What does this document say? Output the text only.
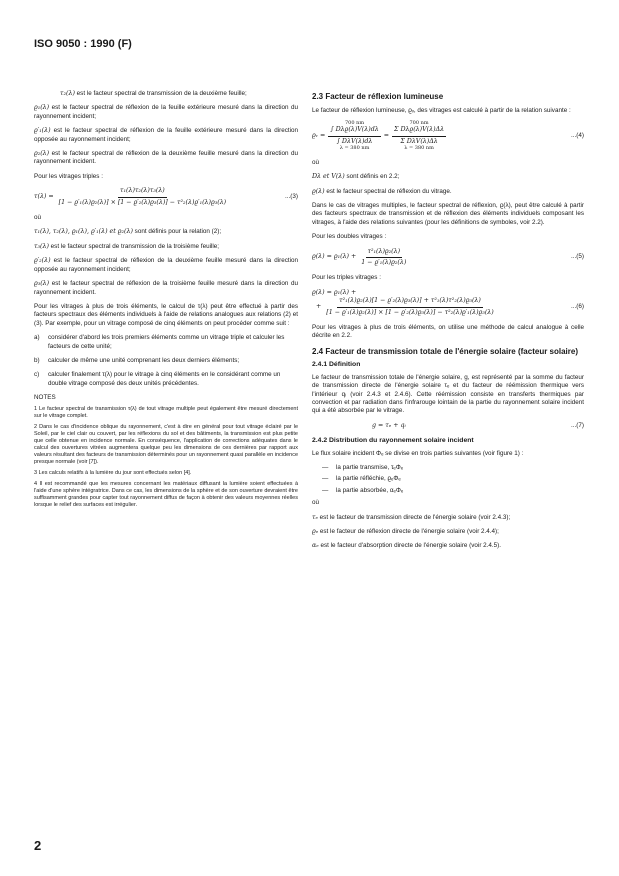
ISO 9050 : 1990 (F)
τ₂(λ) est le facteur spectral de transmission de la deuxième feuille;
ϱ₁(λ) est le facteur spectral de réflexion de la feuille extérieure mesuré dans la direction du rayonnement incident;
ϱ′₁(λ) est le facteur spectral de réflexion de la feuille extérieure mesuré dans la direction opposée au rayonnement incident;
ϱ₂(λ) est le facteur spectral de réflexion de la deuxième feuille mesuré dans la direction du rayonnement incident.

Pour les vitrages triples :

$\tau(\lambda) = \frac{\text{τ₁(λ)τ₂(λ)τ₃(λ)}}{\text{[1 − ϱ′₁(λ)ϱ₂(λ)] × [1 − ϱ′₂(λ)ϱ₃(λ)] − τ²₂(λ)ϱ′₁(λ)ϱ₃(λ)}}$	...(3)

où

τ₁(λ), τ₂(λ), ϱ₁(λ), ϱ′₁(λ) et ϱ₂(λ) sont définis pour la relation (2);
τ₃(λ) est le facteur spectral de transmission de la troisième feuille;
ϱ′₂(λ) est le facteur spectral de réflexion de la deuxième feuille mesuré dans la direction opposée au rayonnement incident;
ϱ₃(λ) est le facteur spectral de réflexion de la troisième feuille mesuré dans la direction du rayonnement incident.

Pour les vitrages à plus de trois éléments, le calcul de τ(λ) peut être effectué à partir des facteurs spectraux des éléments individuels à l'aide de relations analogues aux relations (2) et (3). Par exemple, pour un vitrage composé de cinq éléments on peut procéder comme suit :

a)	considérer d'abord les trois premiers éléments comme un vitrage triple et calculer les facteurs de cette unité;
b)	calculer de même une unité comprenant les deux derniers éléments;
c)	calculer finalement τ(λ) pour le vitrage à cinq éléments en le considérant comme un double vitrage composé des deux unités précédentes.
NOTES

1 Le facteur spectral de transmission τ(λ) de tout vitrage multiple peut également être mesuré directement sur le vitrage complet.

2 Dans le cas d'incidence oblique du rayonnement, c'est à dire en général pour tout vitrage éclairé par le Soleil, par le ciel clair ou couvert, par les réflexions du sol et des bâtiments, la transmission est plus petite que celle obtenue en incidence normale. En conséquence, l'application de corrections adéquates dans le calcul des ouvertures vitrées augmentera quelque peu les dimensions de ces dernières par rapport aux valeurs résultant des facteurs de transmission déterminés pour un rayonnement quasi parallèle en incidence presque normale (voir [7]).

3 Les calculs relatifs à la lumière du jour sont effectués selon [4].

4 Il est recommandé que les mesures concernant les matériaux diffusant la lumière soient effectuées à l'aide d'une sphère intégratrice. Dans ce cas, les dimensions de la sphère et de son ouverture devraient être suffisamment grandes pour capter tout rayonnement diffus de façon à obtenir des valeurs moyennes réelles lorsque le relief des surfaces est irrégulier.

2.3 Facteur de réflexion lumineuse

Le facteur de réflexion lumineuse, ϱᵥ, des vitrages est calculé à partir de la relation suivante :

ϱᵥ =
700 nm
∫ Dλϱ(λ)V(λ)dλ
∫ DλV(λ)dλ
λ = 380 nm
=
700 nm
Σ Dλϱ(λ)V(λ)Δλ
Σ DλV(λ)Δλ
λ = 380 nm
...(4)

où

Dλ et V(λ) sont définis en 2.2;
ϱ(λ) est le facteur spectral de réflexion du vitrage.

Dans le cas de vitrages multiples, le facteur spectral de réflexion, ϱ(λ), peut être calculé à partir des facteurs spectraux de transmission et de réflexion des éléments individuels composant les vitrages, à l'aide des relations suivantes (pour les définitions de symboles, voir 2.2).

Pour les doubles vitrages :

$ϱ(\lambda) = ϱ_1(\lambda) + \frac{\text{τ²₁(λ)ϱ₂(λ)}}{\text{1 − ϱ′₁(λ)ϱ₂(λ)}}$	...(5)

Pour les triples vitrages :

ϱ(λ) = ϱ₁(λ) +
+ $\frac{\text{τ²₁(λ)ϱ₂(λ)[1 − ϱ′₂(λ)ϱ₃(λ)] + τ²₁(λ)τ²₂(λ)ϱ₃(λ)}}{\text{[1 − ϱ′₁(λ)ϱ₂(λ)] × [1 − ϱ′₂(λ)ϱ₃(λ)] − τ²₂(λ)ϱ′₁(λ)ϱ₃(λ)}}$	...(6)

Pour les vitrages à plus de trois éléments, on utilise une méthode de calcul analogue à celle décrite en 2.2.

2.4 Facteur de transmission totale de l'énergie solaire (facteur solaire)
2.4.1 Définition

Le facteur de transmission totale de l'énergie solaire, g, est représenté par la somme du facteur de transmission directe de l'énergie solaire τₑ et du facteur de réémission thermique vers l'intérieur qᵢ (voir 2.4.3 et 2.4.6). Cette réémission consiste en transferts thermiques par convection et par radiation dans l'infrarouge lointain de la partie du rayonnement solaire incident qui a été absorbée par le vitrage.

g = τₑ + qᵢ	...(7)
2.4.2 Distribution du rayonnement solaire incident

Le flux solaire incident Φₑ se divise en trois parties suivantes (voir figure 1) :

—	la partie transmise, τₑΦₑ
—	la partie réfléchie, ϱₑΦₑ
—	la partie absorbée, αₑΦₑ

où

τₑ est le facteur de transmission directe de l'énergie solaire (voir 2.4.3);
ϱₑ est le facteur de réflexion directe de l'énergie solaire (voir 2.4.4);
αₑ est le facteur d'absorption directe de l'énergie solaire (voir 2.4.5).
2
